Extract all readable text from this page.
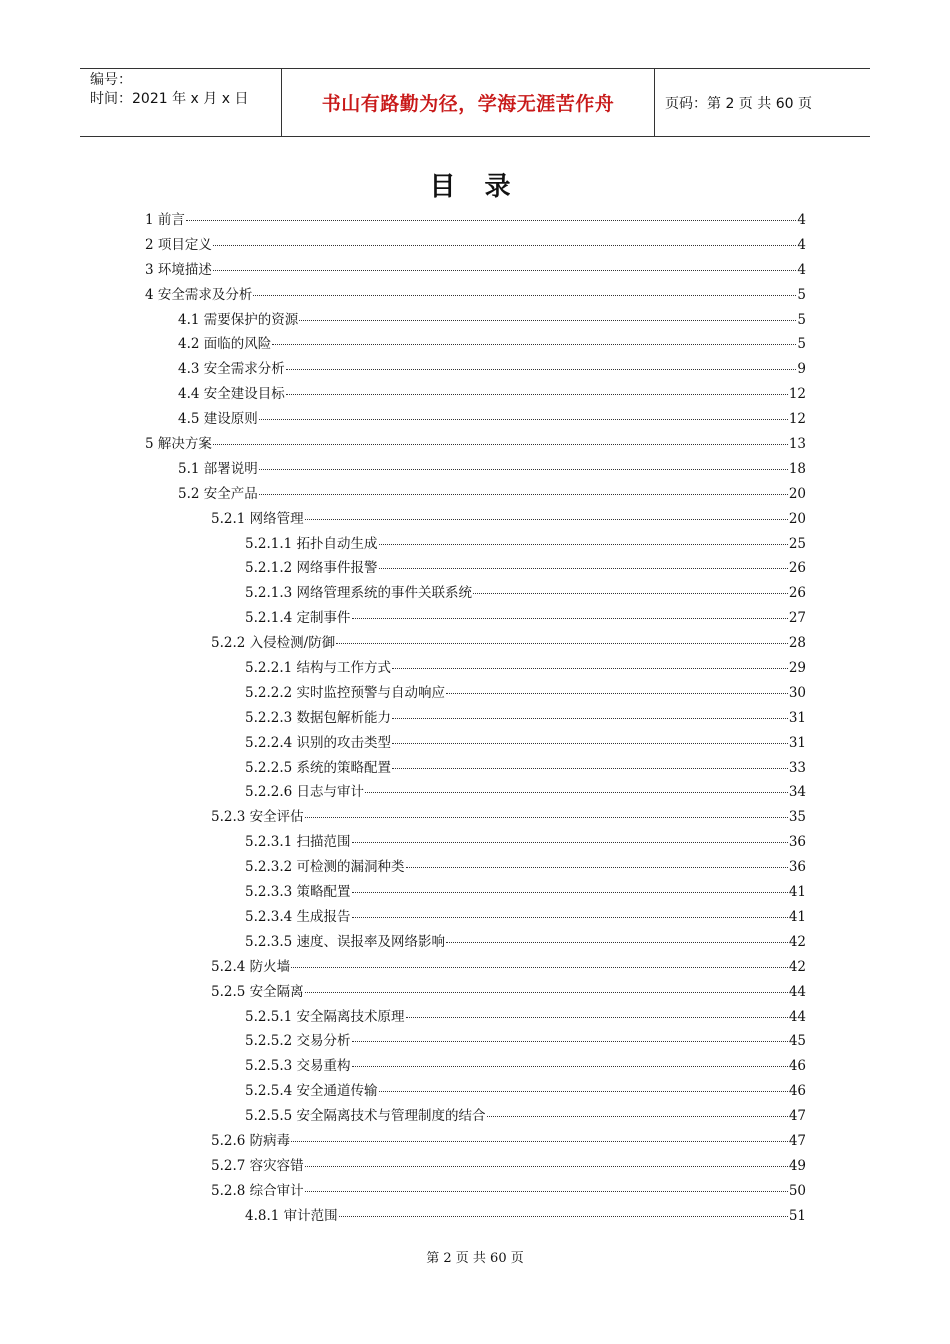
编号：
时间：2021 年 x 月 x 日	书山有路勤为径，学海无涯苦作舟	页码：第 2 页 共 60 页
目 录
1 前言	4
2 项目定义	4
3 环境描述	4
4 安全需求及分析	5
4.1 需要保护的资源	5
4.2 面临的风险	5
4.3 安全需求分析	9
4.4 安全建设目标	12
4.5 建设原则	12
5 解决方案	13
5.1 部署说明	18
5.2 安全产品	20
5.2.1 网络管理	20
5.2.1.1 拓扑自动生成	25
5.2.1.2 网络事件报警	26
5.2.1.3 网络管理系统的事件关联系统	26
5.2.1.4 定制事件	27
5.2.2 入侵检测/防御	28
5.2.2.1 结构与工作方式	29
5.2.2.2 实时监控预警与自动响应	30
5.2.2.3 数据包解析能力	31
5.2.2.4 识别的攻击类型	31
5.2.2.5 系统的策略配置	33
5.2.2.6 日志与审计	34
5.2.3 安全评估	35
5.2.3.1 扫描范围	36
5.2.3.2 可检测的漏洞种类	36
5.2.3.3 策略配置	41
5.2.3.4 生成报告	41
5.2.3.5 速度、误报率及网络影响	42
5.2.4 防火墙	42
5.2.5 安全隔离	44
5.2.5.1 安全隔离技术原理	44
5.2.5.2 交易分析	45
5.2.5.3 交易重构	46
5.2.5.4 安全通道传输	46
5.2.5.5 安全隔离技术与管理制度的结合	47
5.2.6 防病毒	47
5.2.7 容灾容错	49
5.2.8 综合审计	50
4.8.1 审计范围	51
第 2 页 共 60 页
